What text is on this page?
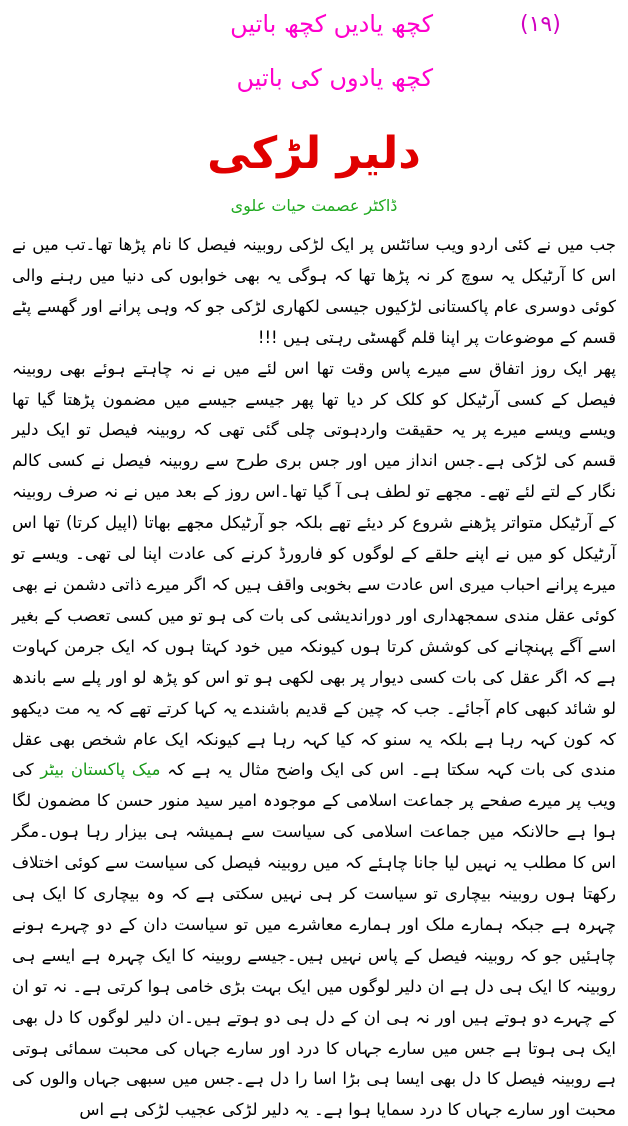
(۱۹)
کچھ یادیں کچھ باتیں
کچھ یادوں کی باتیں
دلیر لڑکی
ڈاکٹر عصمت حیات علوی

جب میں نے کئی اردو ویب سائٹس پر ایک لڑکی روبینہ فیصل کا نام پڑھا تھا۔تب میں نے اس کا آرٹیکل یہ سوچ کر نہ پڑھا تھا کہ ہوگی یہ بھی خوابوں کی دنیا میں رہنے والی کوئی دوسری عام پاکستانی لڑکیوں جیسی لکھاری لڑکی جو کہ وہی پرانے اور گھسے پٹے قسم کے موضوعات پر اپنا قلم گھسٹی رہتی ہیں !!!

پھر ایک روز اتفاق سے میرے پاس وقت تھا اس لئے میں نے نہ چاہتے ہوئے بھی روبینہ فیصل کے کسی آرٹیکل کو کلک کر دیا تھا پھر جیسے جیسے میں مضمون پڑھتا گیا تھا ویسے ویسے میرے پر یہ حقیقت واردہوتی چلی گئی تھی کہ روبینہ فیصل تو ایک دلیر قسم کی لڑکی ہے۔جس انداز میں اور جس بری طرح سے روبینہ فیصل نے کسی کالم نگار کے لتے لئے تھے۔ مجھے تو لطف ہی آ گیا تھا۔اس روز کے بعد میں نے نہ صرف روبینہ کے آرٹیکل متواتر پڑھنے شروع کر دیئے تھے بلکہ جو آرٹیکل مجھے بھاتا (اپیل کرتا) تھا اس آرٹیکل کو میں نے اپنے حلقے کے لوگوں کو فارورڈ کرنے کی عادت اپنا لی تھی۔ ویسے تو میرے پرانے احباب میری اس عادت سے بخوبی واقف ہیں کہ اگر میرے ذاتی دشمن نے بھی کوئی عقل مندی سمجھداری اور دوراندیشی کی بات کی ہو تو میں کسی تعصب کے بغیر اسے آگے پہنچانے کی کوشش کرتا ہوں کیونکہ میں خود کہتا ہوں کہ ایک جرمن کہاوت ہے کہ اگر عقل کی بات کسی دیوار پر بھی لکھی ہو تو اس کو پڑھ لو اور پلے سے باندھ لو شائد کبھی کام آجائے۔ جب کہ چین کے قدیم باشندے یہ کہا کرتے تھے کہ یہ مت دیکھو کہ کون کہہ رہا ہے بلکہ یہ سنو کہ کیا کہہ رہا ہے کیونکہ ایک عام شخص بھی عقل مندی کی بات کہہ سکتا ہے۔ اس کی ایک واضح مثال یہ ہے کہ میک پاکستان بیٹر کی ویب پر میرے صفحے پر جماعت اسلامی کے موجودہ امیر سید منور حسن کا مضمون لگا ہوا ہے حالانکہ میں جماعت اسلامی کی سیاست سے ہمیشہ ہی بیزار رہا ہوں۔مگر اس کا مطلب یہ نہیں لیا جانا چاہئے کہ میں روبینہ فیصل کی سیاست سے کوئی اختلاف رکھتا ہوں روبینہ بیچاری تو سیاست کر ہی نہیں سکتی ہے کہ وہ بیچاری کا ایک ہی چہرہ ہے جبکہ ہمارے ملک اور ہمارے معاشرے میں تو سیاست دان کے دو چہرے ہونے چاہئیں جو کہ روبینہ فیصل کے پاس نہیں ہیں۔جیسے روبینہ کا ایک چہرہ ہے ایسے ہی روبینہ کا ایک ہی دل ہے ان دلیر لوگوں میں ایک بہت بڑی خامی ہوا کرتی ہے۔ نہ تو ان کے چہرے دو ہوتے ہیں اور نہ ہی ان کے دل ہی دو ہوتے ہیں۔ان دلیر لوگوں کا دل بھی ایک ہی ہوتا ہے جس میں سارے جہاں کا درد اور سارے جہاں کی محبت سمائی ہوتی ہے روبینہ فیصل کا دل بھی ایسا ہی بڑا اسا را دل ہے۔جس میں سبھی جہاں والوں کی محبت اور سارے جہاں کا درد سمایا ہوا ہے۔ یہ دلیر لڑکی عجیب لڑکی ہے اس
